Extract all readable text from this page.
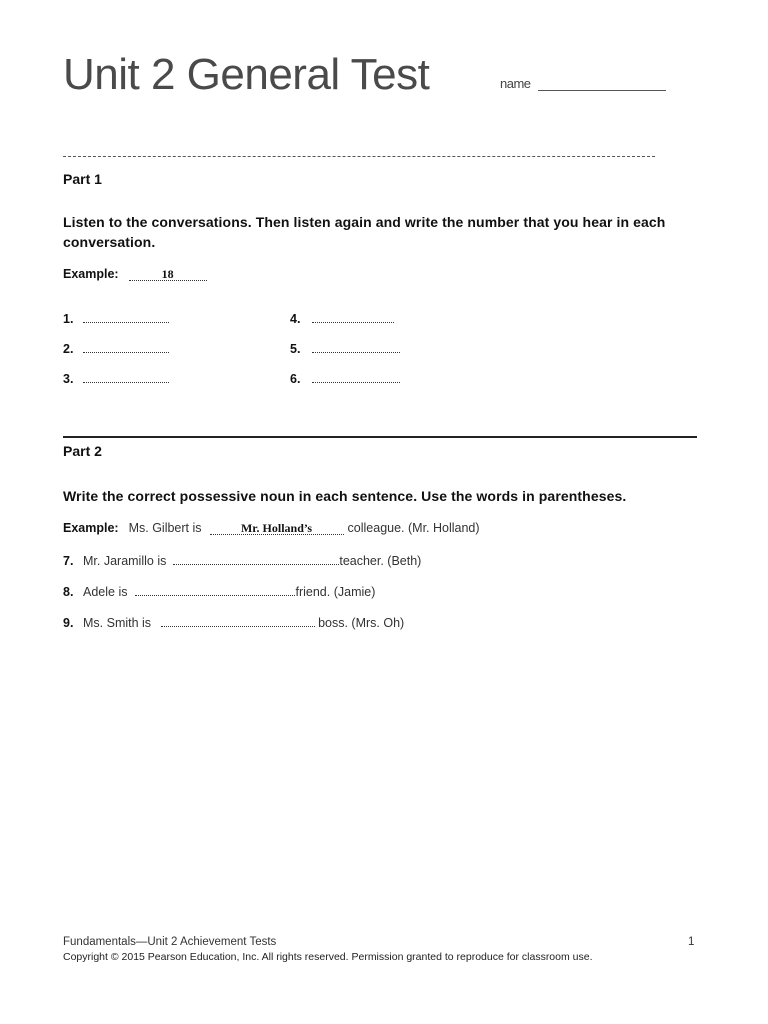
Unit 2 General Test	name
Part 1
Listen to the conversations. Then listen again and write the number that you hear in each conversation.
Example:	18
1.
2.
3.
4.
5.
6.
Part 2
Write the correct possessive noun in each sentence. Use the words in parentheses.
Example: Ms. Gilbert is	Mr. Holland’s	colleague. (Mr. Holland)
7. Mr. Jaramillo is	teacher. (Beth)
8. Adele is	friend. (Jamie)
9. Ms. Smith is	boss. (Mrs. Oh)
Fundamentals—Unit 2 Achievement Tests	1
Copyright © 2015 Pearson Education, Inc. All rights reserved. Permission granted to reproduce for classroom use.
